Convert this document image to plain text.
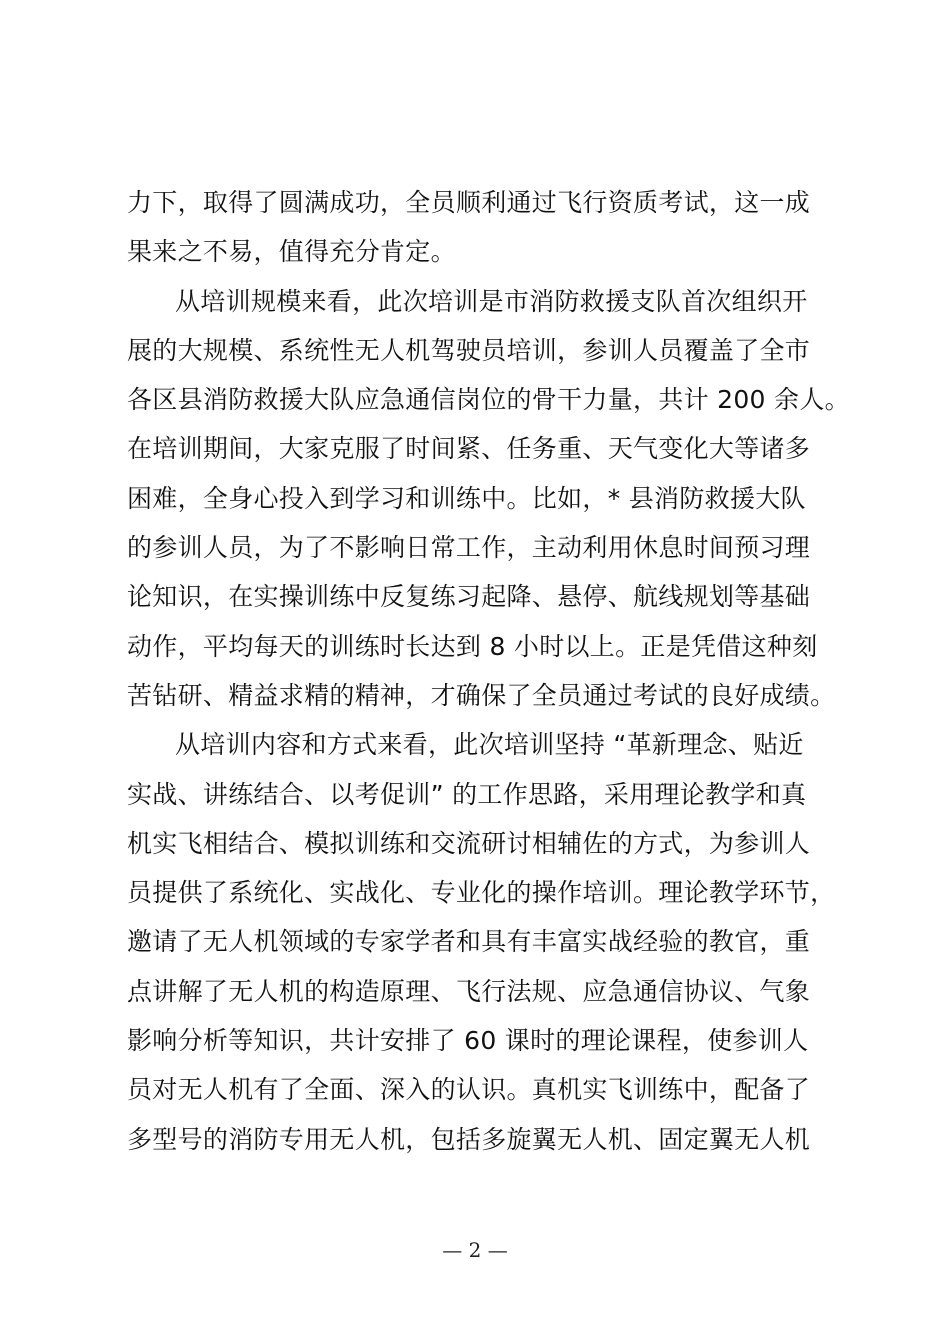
力下，取得了圆满成功，全员顺利通过飞行资质考试，这一成
果来之不易，值得充分肯定。
从培训规模来看，此次培训是市消防救援支队首次组织开
展的大规模、系统性无人机驾驶员培训，参训人员覆盖了全市
各区县消防救援大队应急通信岗位的骨干力量，共计 200 余人。
在培训期间，大家克服了时间紧、任务重、天气变化大等诸多
困难，全身心投入到学习和训练中。比如，* 县消防救援大队
的参训人员，为了不影响日常工作，主动利用休息时间预习理
论知识，在实操训练中反复练习起降、悬停、航线规划等基础
动作，平均每天的训练时长达到 8 小时以上。正是凭借这种刻
苦钻研、精益求精的精神，才确保了全员通过考试的良好成绩。
从培训内容和方式来看，此次培训坚持 “革新理念、贴近
实战、讲练结合、以考促训” 的工作思路，采用理论教学和真
机实飞相结合、模拟训练和交流研讨相辅佐的方式，为参训人
员提供了系统化、实战化、专业化的操作培训。理论教学环节，
邀请了无人机领域的专家学者和具有丰富实战经验的教官，重
点讲解了无人机的构造原理、飞行法规、应急通信协议、气象
影响分析等知识，共计安排了 60 课时的理论课程，使参训人
员对无人机有了全面、深入的认识。真机实飞训练中，配备了
多型号的消防专用无人机，包括多旋翼无人机、固定翼无人机
— 2 —
